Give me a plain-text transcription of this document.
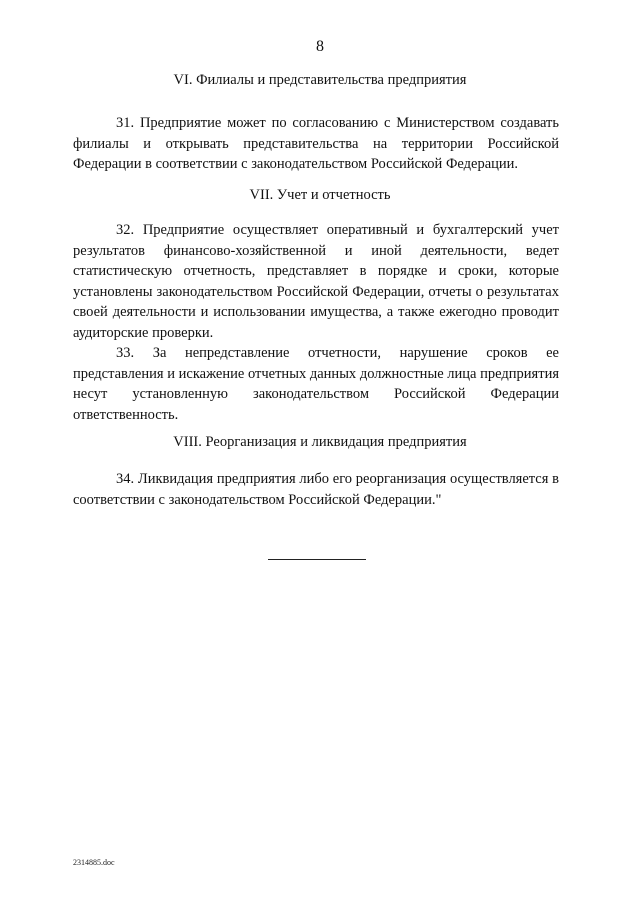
8
VI. Филиалы и представительства предприятия

31. Предприятие может по согласованию с Министерством создавать филиалы и открывать представительства на территории Российской Федерации в соответствии с законодательством Российской Федерации.

VII. Учет и отчетность

32. Предприятие осуществляет оперативный и бухгалтерский учет результатов финансово-хозяйственной и иной деятельности, ведет статистическую отчетность, представляет в порядке и сроки, которые установлены законодательством Российской Федерации, отчеты о результатах своей деятельности и использовании имущества, а также ежегодно проводит аудиторские проверки.

33. За непредставление отчетности, нарушение сроков ее представления и искажение отчетных данных должностные лица предприятия несут установленную законодательством Российской Федерации ответственность.

VIII. Реорганизация и ликвидация предприятия

34. Ликвидация предприятия либо его реорганизация осуществляется в соответствии с законодательством Российской Федерации."

2314885.doc
